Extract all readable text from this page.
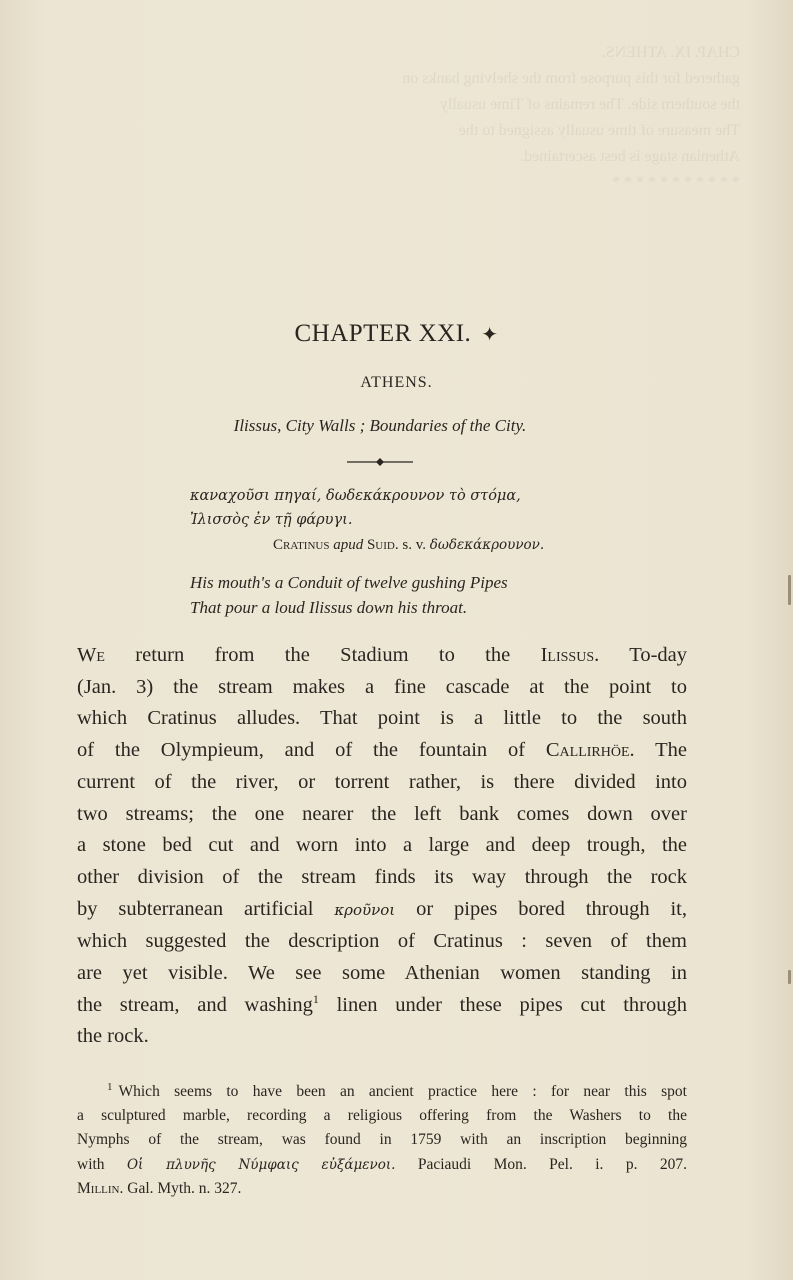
CHAP. IX. ATHENS.
gathered for this purpose from the shelving banks on
the southern side. The remains of Time usually
The measure of time usually assigned to the
Athenian stage is best ascertained.
* * * * * * * * * * *
CHAPTER XXI. ✦
ATHENS.
Ilissus, City Walls ; Boundaries of the City.
καναχοῦσι πηγαί, δωδεκάκρουνον τὸ στόμα,
Ἰλισσὸς ἐν τῇ φάρυγι.
Cratinus apud Suid. s. v. δωδεκάκρουνον.
His mouth's a Conduit of twelve gushing Pipes
That pour a loud Ilissus down his throat.
We return from the Stadium to the Ilissus. To-day
(Jan. 3) the stream makes a fine cascade at the point to
which Cratinus alludes. That point is a little to the south
of the Olympieum, and of the fountain of Callirhöe. The
current of the river, or torrent rather, is there divided into
two streams; the one nearer the left bank comes down over
a stone bed cut and worn into a large and deep trough, the
other division of the stream finds its way through the rock
by subterranean artificial κροῦνοι or pipes bored through it,
which suggested the description of Cratinus : seven of them
are yet visible. We see some Athenian women standing in
the stream, and washing$^1$ linen under these pipes cut through
the rock.
$^1$ Which seems to have been an ancient practice here : for near this spot
a sculptured marble, recording a religious offering from the Washers to the
Nymphs of the stream, was found in 1759 with an inscription beginning
with Οἱ πλυνῆς Νύμφαις εὐξάμενοι. Paciaudi Mon. Pel. i. p. 207.
Millin. Gal. Myth. n. 327.
